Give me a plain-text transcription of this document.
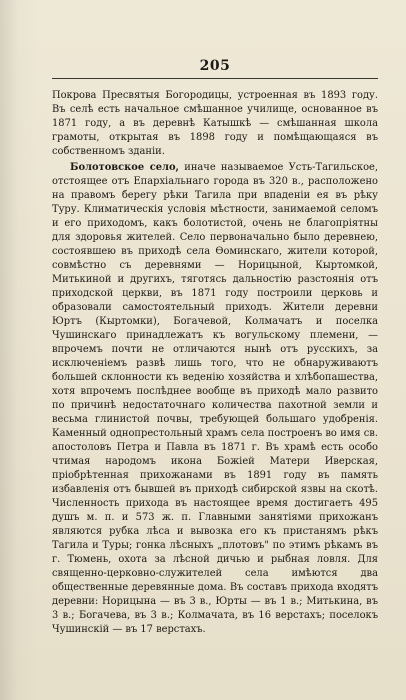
205

Покрова Пресвятыя Богородицы, устроенная въ 1893 году. Въ селѣ есть начальное смѣшанное училище, основанное въ 1871 году, а въ деревнѣ Катышкѣ — смѣшанная школа грамоты, открытая въ 1898 году и помѣщающаяся въ собственномъ зданіи.

Болотовское село, иначе называемое Усть-Тагильское, отстоящее отъ Епархіальнаго города въ 320 в., расположено на правомъ берегу рѣки Тагила при впаденіи ея въ рѣку Туру. Климатическія условія мѣстности, занимаемой селомъ и его приходомъ, какъ болотистой, очень не благопріятны для здоровья жителей. Село первоначально было деревнею, состоявшею въ приходѣ села Ѳоминскаго, жители которой, совмѣстно съ деревнями — Норицыной, Кыртомкой, Митькиной и другихъ, тяготясь дальностію разстоянія отъ приходской церкви, въ 1871 году построили церковь и образовали самостоятельный приходъ. Жители деревни Юртъ (Кыртомки), Богачевой, Колмачатъ и поселка Чушинскаго принадлежатъ къ вогульскому племени, — впрочемъ почти не отличаются нынѣ отъ русскихъ, за исключеніемъ развѣ лишь того, что не обнаруживаютъ большей склонности къ веденію хозяйства и хлѣбопашества, хотя впрочемъ послѣднее вообще въ приходѣ мало развито по причинѣ недостаточнаго количества пахотной земли и весьма глинистой почвы, требующей большаго удобренія. Каменный однопрестольный храмъ села построенъ во имя св. апостоловъ Петра и Павла въ 1871 г. Въ храмѣ есть особо чтимая народомъ икона Божіей Матери Иверская, пріобрѣтенная прихожанами въ 1891 году въ память избавленія отъ бывшей въ приходѣ сибирской язвы на скотѣ. Численность прихода въ настоящее время достигаетъ 495 душъ м. п. и 573 ж. п. Главными занятіями прихожанъ являются рубка лѣса и вывозка его къ пристанямъ рѣкъ Тагила и Туры; гонка лѣсныхъ „плотовъ" по этимъ рѣкамъ въ г. Тюмень, охота за лѣсной дичью и рыбная ловля. Для священно-церковно-служителей села имѣются два общественные деревянные дома. Въ составъ прихода входятъ деревни: Норицына — въ 3 в., Юрты — въ 1 в.; Митькина, въ 3 в.; Богачева, въ 3 в.; Колмачата, въ 16 верстахъ; поселокъ Чушинскій — въ 17 верстахъ.
